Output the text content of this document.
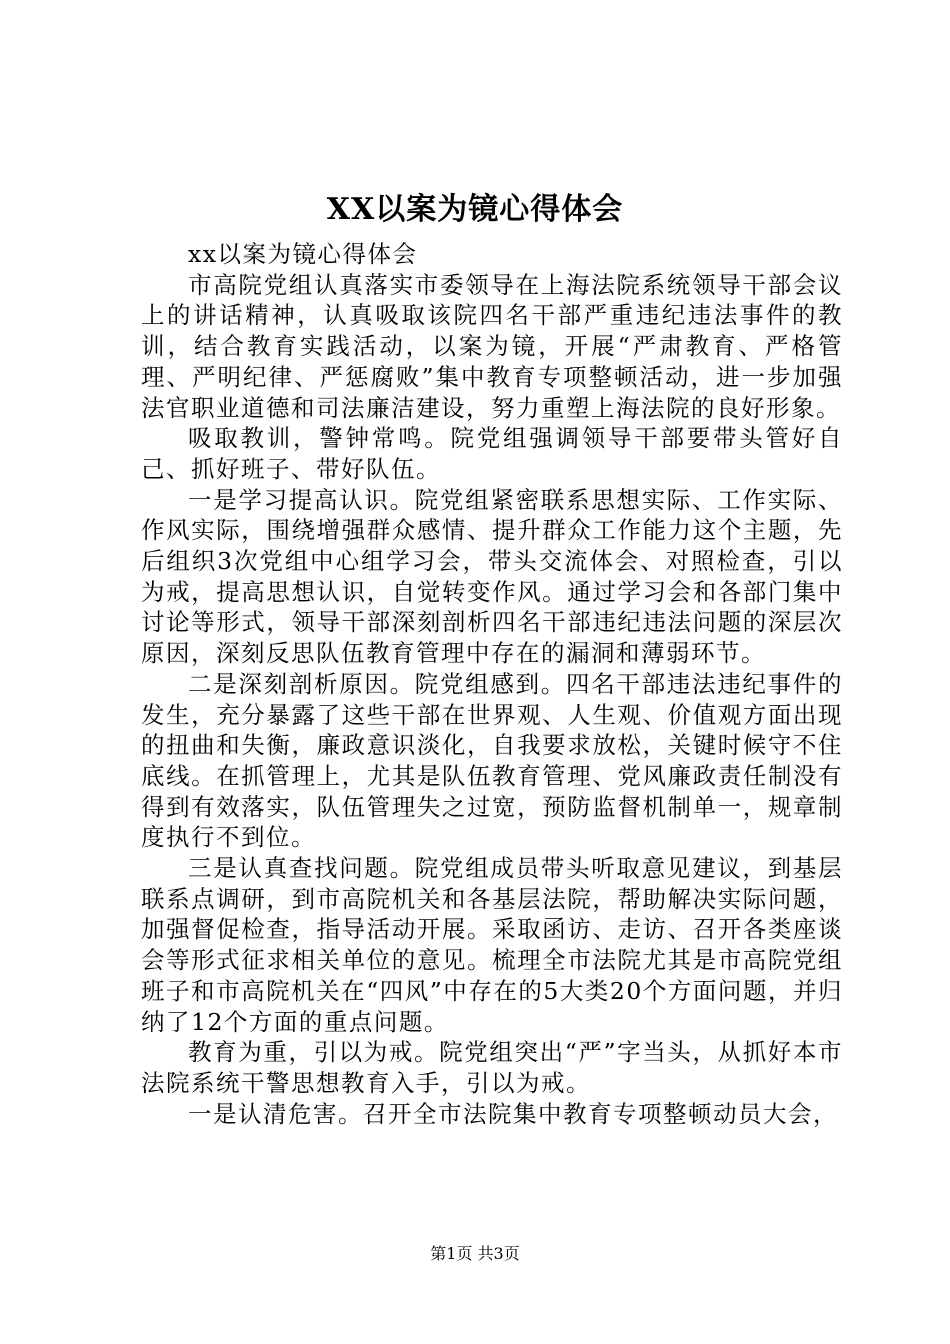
XX以案为镜心得体会

xx以案为镜心得体会

市高院党组认真落实市委领导在上海法院系统领导干部会议上的讲话精神，认真吸取该院四名干部严重违纪违法事件的教训，结合教育实践活动，以案为镜，开展“严肃教育、严格管理、严明纪律、严惩腐败”集中教育专项整顿活动，进一步加强法官职业道德和司法廉洁建设，努力重塑上海法院的良好形象。

吸取教训，警钟常鸣。院党组强调领导干部要带头管好自己、抓好班子、带好队伍。

一是学习提高认识。院党组紧密联系思想实际、工作实际、作风实际，围绕增强群众感情、提升群众工作能力这个主题，先后组织3次党组中心组学习会，带头交流体会、对照检查，引以为戒，提高思想认识，自觉转变作风。通过学习会和各部门集中讨论等形式，领导干部深刻剖析四名干部违纪违法问题的深层次原因，深刻反思队伍教育管理中存在的漏洞和薄弱环节。

二是深刻剖析原因。院党组感到。四名干部违法违纪事件的发生，充分暴露了这些干部在世界观、人生观、价值观方面出现的扭曲和失衡，廉政意识淡化，自我要求放松，关键时候守不住底线。在抓管理上，尤其是队伍教育管理、党风廉政责任制没有得到有效落实，队伍管理失之过宽，预防监督机制单一，规章制度执行不到位。

三是认真查找问题。院党组成员带头听取意见建议，到基层联系点调研，到市高院机关和各基层法院，帮助解决实际问题，加强督促检查，指导活动开展。采取函访、走访、召开各类座谈会等形式征求相关单位的意见。梳理全市法院尤其是市高院党组班子和市高院机关在“四风”中存在的5大类20个方面问题，并归纳了12个方面的重点问题。

教育为重，引以为戒。院党组突出“严”字当头，从抓好本市法院系统干警思想教育入手，引以为戒。

一是认清危害。召开全市法院集中教育专项整顿动员大会，

第1页 共3页
